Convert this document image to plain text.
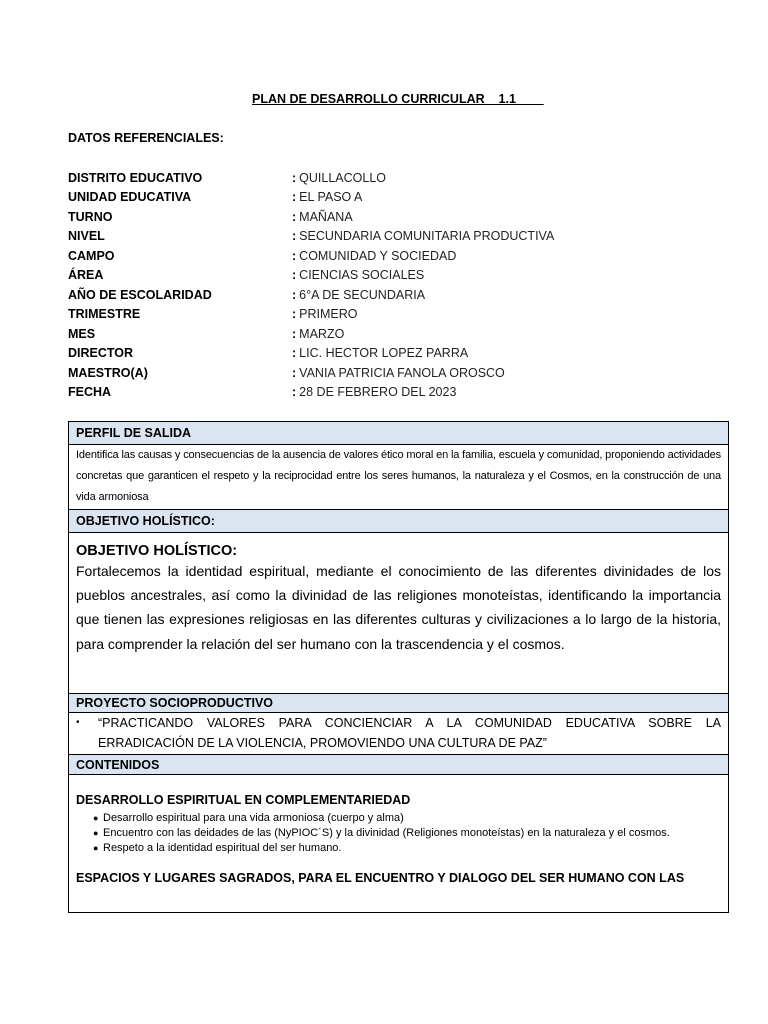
PLAN DE DESARROLLO CURRICULAR    1.1
DATOS REFERENCIALES:
DISTRITO EDUCATIVO	: QUILLACOLLO
UNIDAD EDUCATIVA	: EL PASO A
TURNO	: MAÑANA
NIVEL	: SECUNDARIA COMUNITARIA PRODUCTIVA
CAMPO	: COMUNIDAD Y SOCIEDAD
ÁREA	: CIENCIAS SOCIALES
AÑO DE ESCOLARIDAD	: 6°A DE SECUNDARIA
TRIMESTRE	: PRIMERO
MES	: MARZO
DIRECTOR	: LIC. HECTOR LOPEZ PARRA
MAESTRO(A)	: VANIA PATRICIA FANOLA OROSCO
FECHA	: 28 DE FEBRERO DEL 2023
PERFIL DE SALIDA
Identifica las causas y consecuencias de la ausencia de valores ético moral en la familia, escuela y comunidad, proponiendo actividades concretas que garanticen el respeto y la reciprocidad entre los seres humanos, la naturaleza y el Cosmos, en la construcción de una vida armoniosa
OBJETIVO HOLÍSTICO:
OBJETIVO HOLÍSTICO:
Fortalecemos la identidad espiritual, mediante el conocimiento de las diferentes divinidades de los pueblos ancestrales, así como la divinidad de las religiones monoteístas, identificando la importancia que tienen las expresiones religiosas en las diferentes culturas y civilizaciones a lo largo de la historia, para comprender la relación del ser humano con la trascendencia y el cosmos.
PROYECTO SOCIOPRODUCTIVO
•	“PRACTICANDO VALORES PARA CONCIENCIAR A LA COMUNIDAD EDUCATIVA SOBRE LA ERRADICACIÓN DE LA VIOLENCIA, PROMOVIENDO UNA CULTURA DE PAZ”
CONTENIDOS
DESARROLLO ESPIRITUAL EN COMPLEMENTARIEDAD
● Desarrollo espiritual para una vida armoniosa (cuerpo y alma)
● Encuentro con las deidades de las (NyPIOC´S) y la divinidad (Religiones monoteístas) en la naturaleza y el cosmos.
● Respeto a la identidad espiritual del ser humano.
ESPACIOS Y LUGARES SAGRADOS, PARA EL ENCUENTRO Y DIALOGO DEL SER HUMANO CON LAS
